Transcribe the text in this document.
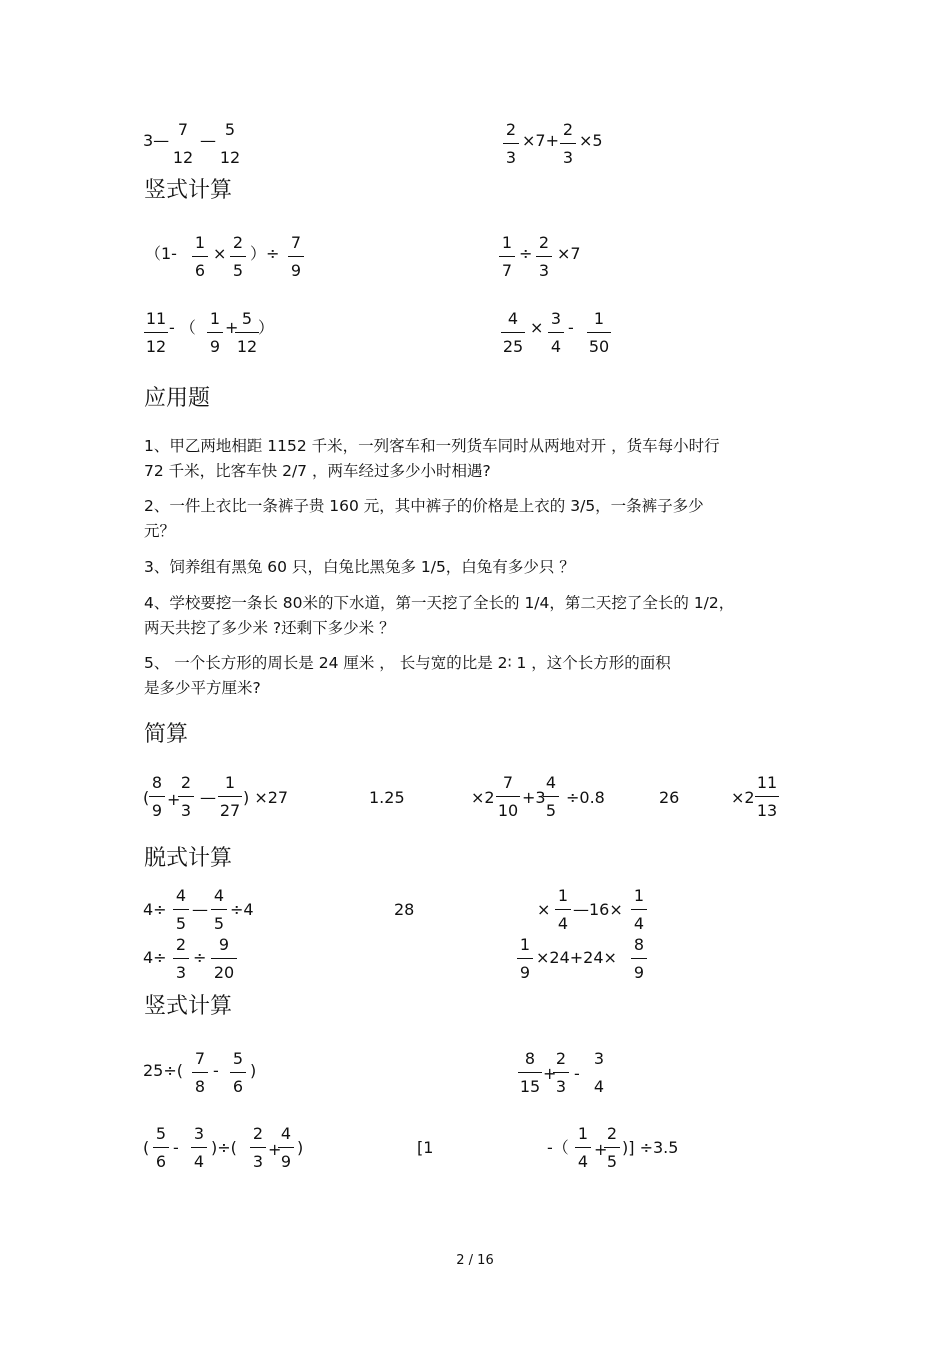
3—
7
12
—
5
12
2
3
×7+
2
3
×5
竖式计算
（1-
1
6
×
2
5
）÷
7
9
1
7
÷
2
3
×7
11
12
- （ 1
9
+ 5
12
）	4
25
× 3
4
-	1
50
应用题
1、甲乙两地相距 1152 千米，一列客车和一列货车同时从两地对开 ，货车每小时行
72 千米，比客车快 2/7 ，两车经过多少小时相遇?
2、一件上衣比一条裤子贵 160 元，其中裤子的价格是上衣的 3/5，一条裤子多少
元？
3、饲养组有黑兔 60 只，白兔比黑兔多 1/5，白兔有多少只 ？
4、学校要挖一条长 80米的下水道，第一天挖了全长的 1/4，第二天挖了全长的 1/2，
两天共挖了多少米 ?还剩下多少米 ？
5、 一个长方形的周长是 24 厘米 ， 长与宽的比是 2∶ 1 ，这个长方形的面积
是多少平方厘米?
简算
(
8
9
+
2
3
—
1
27
) ×27	1.25	×2
7
10
+3
4
5
÷0.8	26	×2
11
13
脱式计算
4÷
4
5
—
4
5
÷4	28	×
1
4
—16×
1
4
4÷
2
3
÷
9
20
1
9
×24+24×
8
9
竖式计算
25÷(
7
8
-
5
6
)
8
15
+
2
3
-
3
4
(
5
6
-
3
4
)÷(
2
3
+
4
9
)	[1	-（
1
4
+
2
5
)] ÷3.5
2 / 16
